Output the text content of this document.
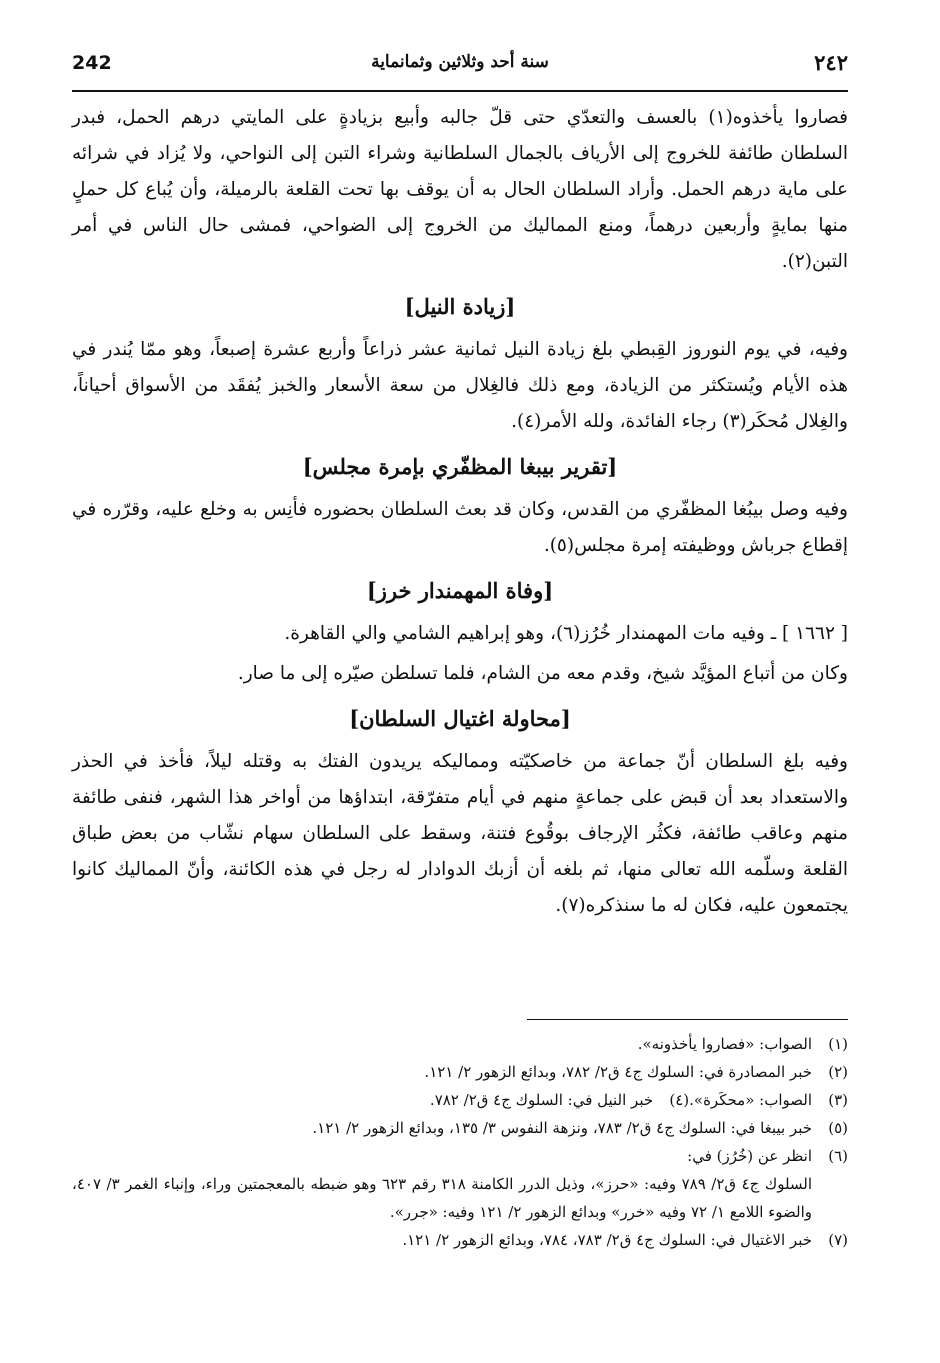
242	سنة أحد وثلاثين وثمانماية	٢٤٢

فصاروا يأخذوه(١) بالعسف والتعدّي حتى قلّ جالبه وأبيع بزيادةٍ على المايتي درهم الحمل، فبدر السلطان طائفة للخروج إلى الأرياف بالجمال السلطانية وشراء التبن إلى النواحي، ولا يُزاد في شرائه على ماية درهم الحمل. وأراد السلطان الحال به أن يوقف بها تحت القلعة بالرميلة، وأن يُباع كل حملٍ منها بمايةٍ وأربعين درهماً، ومنع المماليك من الخروج إلى الضواحي، فمشى حال الناس في أمر التبن(٢).

[زيادة النيل]

وفيه، في يوم النوروز القِبطي بلغ زيادة النيل ثمانية عشر ذراعاً وأربع عشرة إصبعاً، وهو ممّا يُندر في هذه الأيام ويُستكثر من الزيادة، ومع ذلك فالغِلال من سعة الأسعار والخبز يُفقَد من الأسواق أحياناً، والغِلال مُحكَر(٣) رجاء الفائدة، ولله الأمر(٤).

[تقرير بيبغا المظفّري بإمرة مجلس]

وفيه وصل بيبُغا المظفّري من القدس، وكان قد بعث السلطان بحضوره فأنِس به وخلع عليه، وقرّره في إقطاع جرباش ووظيفته إمرة مجلس(٥).

[وفاة المهمندار خرز]

[ ١٦٦٢ ] ـ وفيه مات المهمندار خُرُز(٦)، وهو إبراهيم الشامي والي القاهرة.

وكان من أتباع المؤيَّد شيخ، وقدم معه من الشام، فلما تسلطن صيّره إلى ما صار.

[محاولة اغتيال السلطان]

وفيه بلغ السلطان أنّ جماعة من خاصكيّته ومماليكه يريدون الفتك به وقتله ليلاً، فأخذ في الحذر والاستعداد بعد أن قبض على جماعةٍ منهم في أيام متفرّقة، ابتداؤها من أواخر هذا الشهر، فنفى طائفة منهم وعاقب طائفة، فكثُر الإرجاف بوقُوع فتنة، وسقط على السلطان سهام نشّاب من بعض طباق القلعة وسلّمه الله تعالى منها، ثم بلغه أن أزبك الدوادار له رجل في هذه الكائنة، وأنّ المماليك كانوا يجتمعون عليه، فكان له ما سنذكره(٧).

(١)
الصواب: «فصاروا يأخذونه».
(٢)
خبر المصادرة في: السلوك ج٤ ق٢/ ٧٨٢، وبدائع الزهور ٢/ ١٢١.
(٣)
الصواب: «محكَرة».
(٤)
خبر النيل في: السلوك ج٤ ق٢/ ٧٨٢.
(٥)
خبر بيبغا في: السلوك ج٤ ق٢/ ٧٨٣، ونزهة النفوس ٣/ ١٣٥، وبدائع الزهور ٢/ ١٢١.
(٦)
انظر عن (خُرُز) في:

السلوك ج٤ ق٢/ ٧٨٩ وفيه: «حرز»، وذيل الدرر الكامنة ٣١٨ رقم ٦٢٣ وهو ضبطه بالمعجمتين وراء، وإنباء الغمر ٣/ ٤٠٧، والضوء اللامع ١/ ٧٢ وفيه «خرر» وبدائع الزهور ٢/ ١٢١ وفيه: «جرر».

(٧)
خبر الاغتيال في: السلوك ج٤ ق٢/ ٧٨٣، ٧٨٤، وبدائع الزهور ٢/ ١٢١.
